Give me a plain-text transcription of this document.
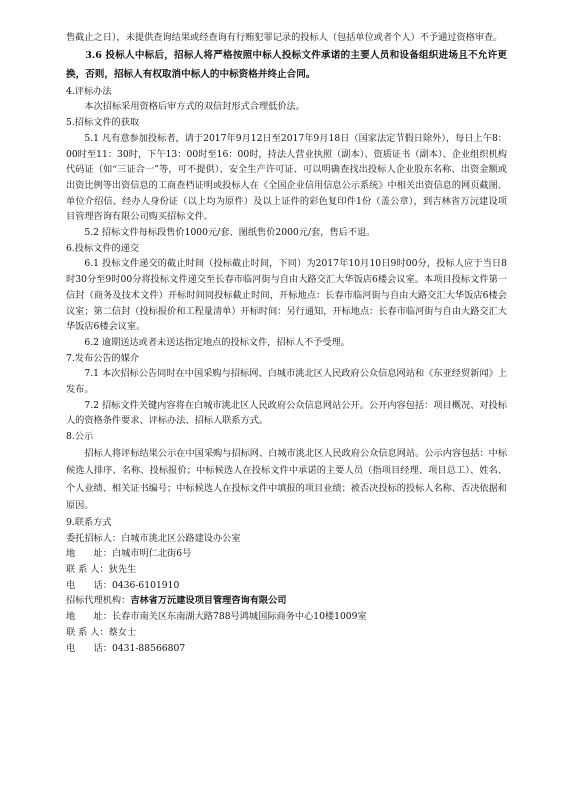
售截止之日），未提供查询结果或经查询有行贿犯罪记录的投标人（包括单位或者个人）不予通过资格审查。

3.6 投标人中标后，招标人将严格按照中标人投标文件承诺的主要人员和设备组织进场且不允许更换，否则，招标人有权取消中标人的中标资格并终止合同。

4.评标办法

本次招标采用资格后审方式的双信封形式合理低价法。

5.招标文件的获取

5.1 凡有意参加投标者，请于2017年9月12日至2017年9月18日（国家法定节假日除外），每日上午8：00时至11：30时，下午13：00时至16：00时，持法人营业执照（副本）、资质证书（副本）、企业组织机构代码证（如“三证合一”等，可不提供）、安全生产许可证、可以明确查找出投标人企业股东名称、出资金额或出资比例等出资信息的工商查档证明或投标人在《全国企业信用信息公示系统》中相关出资信息的网页截图、单位介绍信、经办人身份证（以上均为原件）及以上证件的彩色复印件1份（盖公章），到吉林省万沅建设项目管理咨询有限公司购买招标文件。

5.2 招标文件每标段售价1000元/套、图纸售价2000元/套，售后不退。

6.投标文件的递交

6.1 投标文件递交的截止时间（投标截止时间，下同）为2017年10月10日9时00分，投标人应于当日8时30分至9时00分将投标文件递交至长春市临河街与自由大路交汇大华饭店6楼会议室。本项目投标文件第一信封（商务及技术文件）开标时间同投标截止时间，开标地点：长春市临河街与自由大路交汇大华饭店6楼会议室；第二信封（投标报价和工程量清单）开标时间：另行通知，开标地点：长春市临河街与自由大路交汇大华饭店6楼会议室。

6.2 逾期送达或者未送达指定地点的投标文件，招标人不予受理。

7.发布公告的媒介

7.1 本次招标公告同时在中国采购与招标网、白城市洮北区人民政府公众信息网站和《东亚经贸新闻》上发布。

7.2 招标文件关键内容将在白城市洮北区人民政府公众信息网站公开。公开内容包括：项目概况、对投标人的资格条件要求、评标办法、招标人联系方式。

8.公示

招标人将评标结果公示在中国采购与招标网、白城市洮北区人民政府公众信息网站。公示内容包括：中标候选人排序、名称、投标报价；中标候选人在投标文件中承诺的主要人员（指项目经理、项目总工）、姓名、个人业绩、相关证书编号；中标候选人在投标文件中填报的项目业绩；被否决投标的投标人名称、否决依据和原因。

9.联系方式

委托招标人：白城市洮北区公路建设办公室

地　　址：白城市明仁北街6号

联 系 人：狄先生

电　　话：0436-6101910

招标代理机构：吉林省万沅建设项目管理咨询有限公司

地　　址：长春市南关区东南湖大路788号鸿城国际商务中心10楼1009室

联 系 人：蔡女士

电　　话：0431-88566807
